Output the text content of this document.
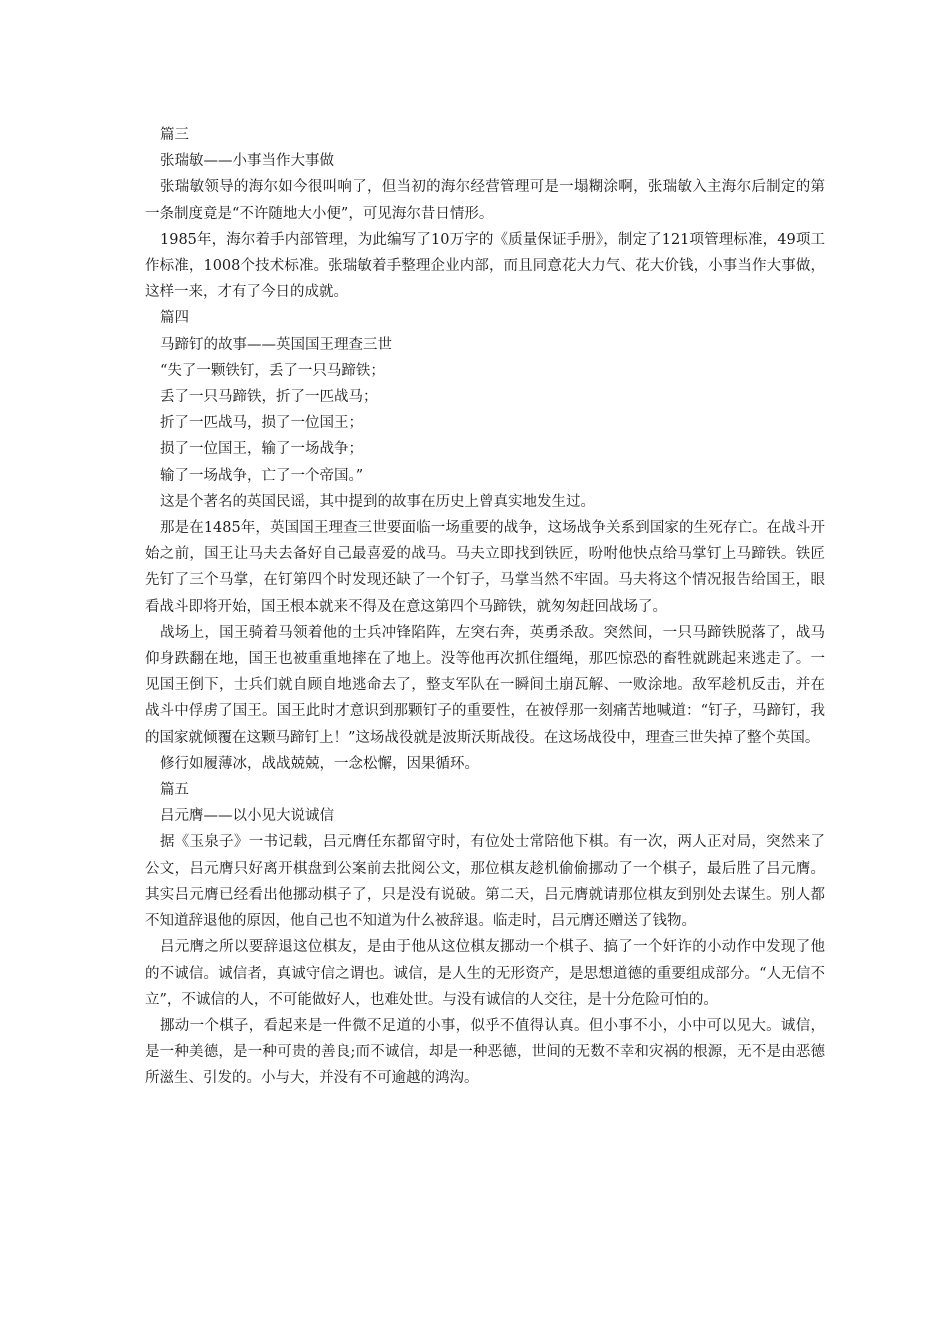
篇三

张瑞敏——小事当作大事做

张瑞敏领导的海尔如今很叫响了，但当初的海尔经营管理可是一塌糊涂啊，张瑞敏入主海尔后制定的第一条制度竟是“不许随地大小便”，可见海尔昔日情形。

1985年，海尔着手内部管理，为此编写了10万字的《质量保证手册》，制定了121项管理标准，49项工作标准，1008个技术标准。张瑞敏着手整理企业内部，而且同意花大力气、花大价钱，小事当作大事做，这样一来，才有了今日的成就。

篇四

马蹄钉的故事——英国国王理查三世

“失了一颗铁钉，丢了一只马蹄铁；

丢了一只马蹄铁，折了一匹战马；

折了一匹战马，损了一位国王；

损了一位国王，输了一场战争；

输了一场战争，亡了一个帝国。”

这是个著名的英国民谣，其中提到的故事在历史上曾真实地发生过。

那是在1485年，英国国王理查三世要面临一场重要的战争，这场战争关系到国家的生死存亡。在战斗开始之前，国王让马夫去备好自己最喜爱的战马。马夫立即找到铁匠，吩咐他快点给马掌钉上马蹄铁。铁匠先钉了三个马掌，在钉第四个时发现还缺了一个钉子，马掌当然不牢固。马夫将这个情况报告给国王，眼看战斗即将开始，国王根本就来不得及在意这第四个马蹄铁，就匆匆赶回战场了。

战场上，国王骑着马领着他的士兵冲锋陷阵，左突右奔，英勇杀敌。突然间，一只马蹄铁脱落了，战马仰身跌翻在地，国王也被重重地摔在了地上。没等他再次抓住缰绳，那匹惊恐的畜牲就跳起来逃走了。一见国王倒下，士兵们就自顾自地逃命去了，整支军队在一瞬间土崩瓦解、一败涂地。敌军趁机反击，并在战斗中俘虏了国王。国王此时才意识到那颗钉子的重要性，在被俘那一刻痛苦地喊道：“钉子，马蹄钉，我的国家就倾覆在这颗马蹄钉上！”这场战役就是波斯沃斯战役。在这场战役中，理查三世失掉了整个英国。

修行如履薄冰，战战兢兢，一念松懈，因果循环。

篇五

吕元膺——以小见大说诚信

据《玉泉子》一书记载，吕元膺任东都留守时，有位处士常陪他下棋。有一次，两人正对局，突然来了公文，吕元膺只好离开棋盘到公案前去批阅公文，那位棋友趁机偷偷挪动了一个棋子，最后胜了吕元膺。其实吕元膺已经看出他挪动棋子了，只是没有说破。第二天，吕元膺就请那位棋友到别处去谋生。别人都不知道辞退他的原因，他自己也不知道为什么被辞退。临走时，吕元膺还赠送了钱物。

吕元膺之所以要辞退这位棋友，是由于他从这位棋友挪动一个棋子、搞了一个奸诈的小动作中发现了他的不诚信。诚信者，真诚守信之谓也。诚信，是人生的无形资产，是思想道德的重要组成部分。“人无信不立”，不诚信的人，不可能做好人，也难处世。与没有诚信的人交往，是十分危险可怕的。

挪动一个棋子，看起来是一件微不足道的小事，似乎不值得认真。但小事不小，小中可以见大。诚信，是一种美德，是一种可贵的善良;而不诚信，却是一种恶德，世间的无数不幸和灾祸的根源，无不是由恶德所滋生、引发的。小与大，并没有不可逾越的鸿沟。
